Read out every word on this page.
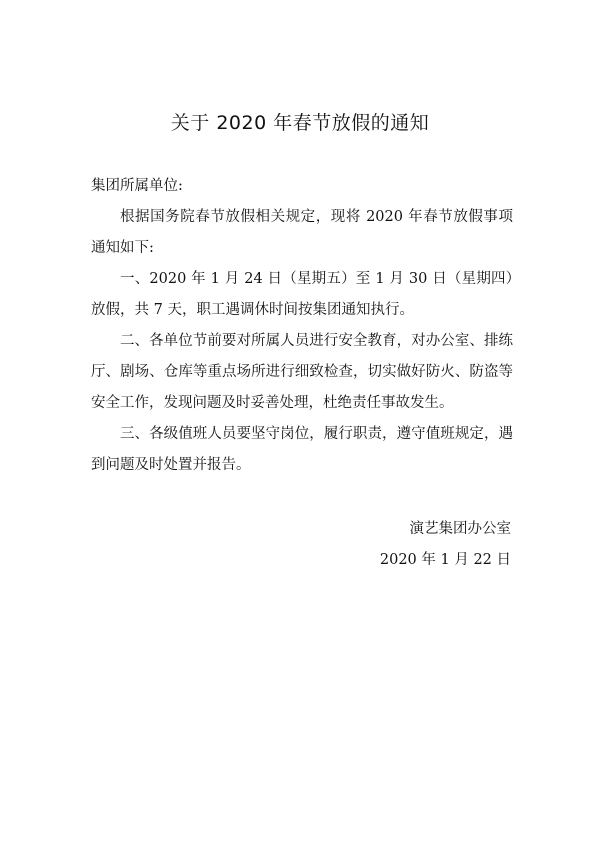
关于 2020 年春节放假的通知

集团所属单位:

根据国务院春节放假相关规定，现将 2020 年春节放假事项通知如下:

一、2020 年 1 月 24 日（星期五）至 1 月 30 日（星期四）放假，共 7 天，职工遇调休时间按集团通知执行。

二、各单位节前要对所属人员进行安全教育，对办公室、排练厅、剧场、仓库等重点场所进行细致检查，切实做好防火、防盗等安全工作，发现问题及时妥善处理，杜绝责任事故发生。

三、各级值班人员要坚守岗位，履行职责，遵守值班规定，遇到问题及时处置并报告。

演艺集团办公室
2020 年 1 月 22 日
